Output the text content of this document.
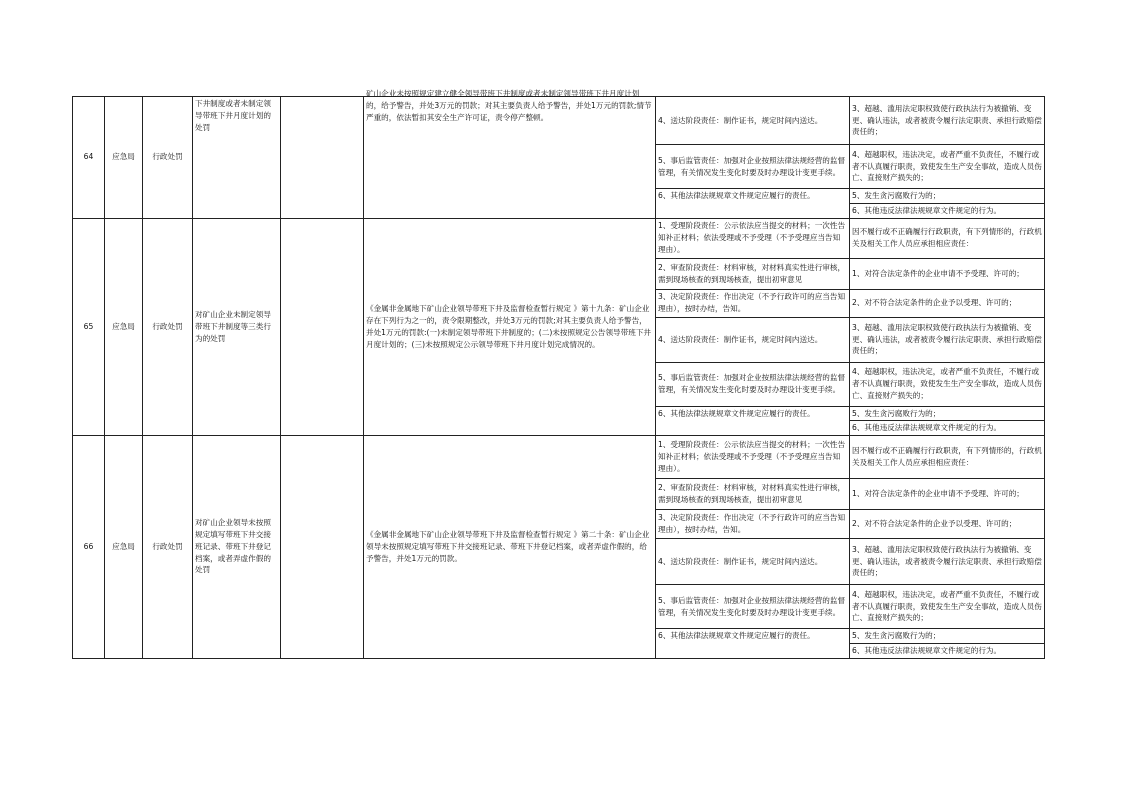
64	应急局	行政处罚	下井制度或者未制定领导带班下井月度计划的处罚		矿山企业未按照规定建立健全领导带班下井制度或者未制定领导带班下井月度计划的，给予警告，并处3万元的罚款；对其主要负责人给予警告，并处1万元的罚款;情节严重的，依法暂扣其安全生产许可证，责令停产整顿。	4、送达阶段责任：制作证书，规定时间内送达。	3、超越、滥用法定职权致使行政执法行为被撤销、变更、确认违法，或者被责令履行法定职责、承担行政赔偿责任的；
						5、事后监管责任：加强对企业按照法律法规经营的监督管理，有关情况发生变化时要及时办理设计变更手续。	4、超越职权，违法决定，或者严重不负责任，不履行或者不认真履行职责，致使发生生产安全事故，造成人员伤亡、直接财产损失的；
						6、其他法律法规规章文件规定应履行的责任。	5、发生贪污腐败行为的；
							6、其他违反法律法规规章文件规定的行为。
65	应急局	行政处罚	对矿山企业未制定领导带班下井制度等三类行为的处罚		《金属非金属地下矿山企业领导带班下井及监督检查暂行规定 》第十九条：矿山企业存在下列行为之一的，责令限期整改，并处3万元的罚款;对其主要负责人给予警告，并处1万元的罚款:(一)未制定领导带班下井制度的；(二)未按照规定公告领导带班下井月度计划的；(三)未按照规定公示领导带班下井月度计划完成情况的。	1、受理阶段责任：公示依法应当提交的材料；一次性告知补正材料；依法受理或不予受理（不予受理应当告知理由）。	因不履行或不正确履行行政职责，有下列情形的，行政机关及相关工作人员应承担相应责任：
						2、审查阶段责任：材料审核，对材料真实性进行审核，需到现场核查的到现场核查，提出初审意见	1、对符合法定条件的企业申请不予受理、许可的；
						3、决定阶段责任：作出决定（不予行政许可的应当告知理由），按时办结，告知。	2、对不符合法定条件的企业予以受理、许可的；
						4、送达阶段责任：制作证书，规定时间内送达。	3、超越、滥用法定职权致使行政执法行为被撤销、变更、确认违法，或者被责令履行法定职责、承担行政赔偿责任的；
						5、事后监管责任：加强对企业按照法律法规经营的监督管理，有关情况发生变化时要及时办理设计变更手续。	4、超越职权，违法决定，或者严重不负责任，不履行或者不认真履行职责，致使发生生产安全事故，造成人员伤亡、直接财产损失的；
						6、其他法律法规规章文件规定应履行的责任。	5、发生贪污腐败行为的；
							6、其他违反法律法规规章文件规定的行为。
66	应急局	行政处罚	对矿山企业领导未按照规定填写带班下井交接班记录、带班下井登记档案，或者弄虚作假的处罚		《金属非金属地下矿山企业领导带班下井及监督检查暂行规定 》第二十条：矿山企业领导未按照规定填写带班下井交接班记录、带班下井登记档案，或者弄虚作假的，给予警告，并处1万元的罚款。	1、受理阶段责任：公示依法应当提交的材料；一次性告知补正材料；依法受理或不予受理（不予受理应当告知理由）。	因不履行或不正确履行行政职责，有下列情形的，行政机关及相关工作人员应承担相应责任：
						2、审查阶段责任：材料审核，对材料真实性进行审核，需到现场核查的到现场核查，提出初审意见	1、对符合法定条件的企业申请不予受理、许可的；
						3、决定阶段责任：作出决定（不予行政许可的应当告知理由），按时办结，告知。	2、对不符合法定条件的企业予以受理、许可的；
						4、送达阶段责任：制作证书，规定时间内送达。	3、超越、滥用法定职权致使行政执法行为被撤销、变更、确认违法，或者被责令履行法定职责、承担行政赔偿责任的；
						5、事后监管责任：加强对企业按照法律法规经营的监督管理，有关情况发生变化时要及时办理设计变更手续。	4、超越职权，违法决定，或者严重不负责任，不履行或者不认真履行职责，致使发生生产安全事故，造成人员伤亡、直接财产损失的；
						6、其他法律法规规章文件规定应履行的责任。	5、发生贪污腐败行为的；
							6、其他违反法律法规规章文件规定的行为。
